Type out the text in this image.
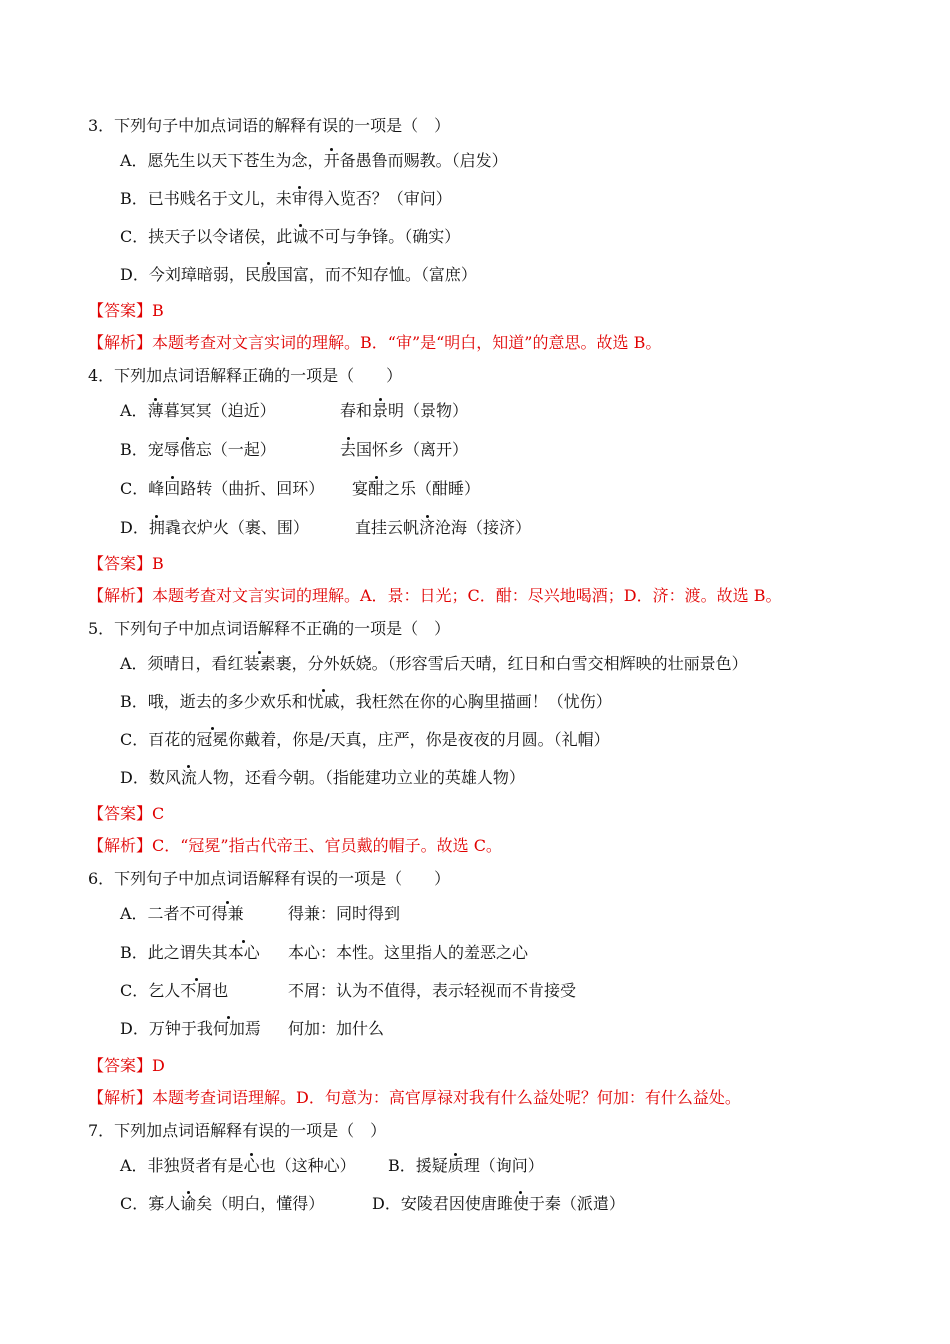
3．下列句子中加点词语的解释有误的一项是（　）
A．愿先生以天下苍生为念，开备愚鲁而赐教。（启发）
B．已书贱名于文儿，未审得入览否？（审问）
C．挟天子以令诸侯，此诚不可与争锋。（确实）
D．今刘璋暗弱，民殷国富，而不知存恤。（富庶）
【答案】B
【解析】本题考查对文言实词的理解。B．“审”是“明白，知道”的意思。故选 B。
4．下列加点词语解释正确的一项是（　　）
A．薄暮冥冥（迫近）	春和景明（景物）
B．宠辱偕忘（一起）	去国怀乡（离开）
C．峰回路转（曲折、回环） 宴酣之乐（酣睡）
D．拥毳衣炉火（裹、围）	直挂云帆济沧海（接济）
【答案】B
【解析】本题考查对文言实词的理解。A．景：日光；C．酣：尽兴地喝酒；D．济：渡。故选 B。
5．下列句子中加点词语解释不正确的一项是（　）
A．须晴日，看红装素裹，分外妖娆。（形容雪后天晴，红日和白雪交相辉映的壮丽景色）
B．哦，逝去的多少欢乐和忧戚，我枉然在你的心胸里描画！（忧伤）
C．百花的冠冕你戴着，你是/天真，庄严，你是夜夜的月圆。（礼帽）
D．数风流人物，还看今朝。（指能建功立业的英雄人物）
【答案】C
【解析】C．“冠冕”指古代帝王、官员戴的帽子。故选 C。
6．下列句子中加点词语解释有误的一项是（　　）
A．二者不可得兼	得兼：同时得到
B．此之谓失其本心 本心：本性。这里指人的羞恶之心
C．乞人不屑也	不屑：认为不值得，表示轻视而不肯接受
D．万钟于我何加焉 何加：加什么
【答案】D
【解析】本题考查词语理解。D．句意为：高官厚禄对我有什么益处呢？何加：有什么益处。
7．下列加点词语解释有误的一项是（　）
A．非独贤者有是心也（这种心） B．援疑质理（询问）
C．寡人谕矣（明白，懂得）	D．安陵君因使唐雎使于秦（派遣）
